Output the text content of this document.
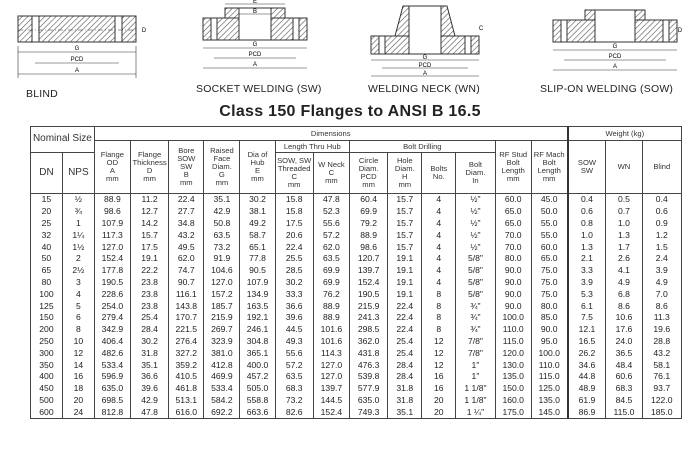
G
PCD
A
D
BLIND
E
B
G
PCD
A
SOCKET WELDING (SW)
G
PCD
A
C
WELDING NECK (WN)
G
PCD
A
D
SLIP-ON WELDING (SOW)
Class 150 Flanges to ANSI B 16.5
Nominal Size		Dimensions													Weight (kg)		

		Flange
OD
A
mm	Flange
Thickness
D
mm	Bore
SOW
SW
B
mm	Raised
Face
Diam.
G
mm	Dia of
Hub
E
mm	Length Thru Hub		Bolt Drilling				RF Stud
Bolt
Length
mm	RF Mach
Bolt
Length
mm	SOW
SW	WN	Blind

DN	NPS						SOW, SW
Threaded
C
mm	W Neck
C
mm	Circle
Diam.
PCD
mm	Hole
Diam.
H
mm	Bolts
No.	Bolt
Diam.
In					

15	½	88.9	11.2	22.4	35.1	30.2	15.8	47.8	60.4	15.7	4	½"	60.0	45.0	0.4	0.5	0.4
20	¾	98.6	12.7	27.7	42.9	38.1	15.8	52.3	69.9	15.7	4	½"	65.0	50.0	0.6	0.7	0.6
25	1	107.9	14.2	34.8	50.8	49.2	17.5	55.6	79.2	15.7	4	½"	65.0	55.0	0.8	1.0	0.9
32	1¼	117.3	15.7	43.2	63.5	58.7	20.6	57.2	88.9	15.7	4	½"	70.0	55.0	1.0	1.3	1.2
40	1½	127.0	17.5	49.5	73.2	65.1	22.4	62.0	98.6	15.7	4	½"	70.0	60.0	1.3	1.7	1.5
50	2	152.4	19.1	62.0	91.9	77.8	25.5	63.5	120.7	19.1	4	5/8"	80.0	65.0	2.1	2.6	2.4
65	2½	177.8	22.2	74.7	104.6	90.5	28.5	69.9	139.7	19.1	4	5/8"	90.0	75.0	3.3	4.1	3.9
80	3	190.5	23.8	90.7	127.0	107.9	30.2	69.9	152.4	19.1	4	5/8"	90.0	75.0	3.9	4.9	4.9
100	4	228.6	23.8	116.1	157.2	134.9	33.3	76.2	190.5	19.1	8	5/8"	90.0	75.0	5.3	6.8	7.0
125	5	254.0	23.8	143.8	185.7	163.5	36.6	88.9	215.9	22.4	8	¾"	90.0	80.0	6.1	8.6	8.6
150	6	279.4	25.4	170.7	215.9	192.1	39.6	88.9	241.3	22.4	8	¾"	100.0	85.0	7.5	10.6	11.3
200	8	342.9	28.4	221.5	269.7	246.1	44.5	101.6	298.5	22.4	8	¾"	110.0	90.0	12.1	17.6	19.6
250	10	406.4	30.2	276.4	323.9	304.8	49.3	101.6	362.0	25.4	12	7/8"	115.0	95.0	16.5	24.0	28.8
300	12	482.6	31.8	327.2	381.0	365.1	55.6	114.3	431.8	25.4	12	7/8"	120.0	100.0	26.2	36.5	43.2
350	14	533.4	35.1	359.2	412.8	400.0	57.2	127.0	476.3	28.4	12	1"	130.0	110.0	34.6	48.4	58.1
400	16	596.9	36.6	410.5	469.9	457.2	63.5	127.0	539.8	28.4	16	1"	135.0	115.0	44.8	60.6	76.1
450	18	635.0	39.6	461.8	533.4	505.0	68.3	139.7	577.9	31.8	16	1 1/8"	150.0	125.0	48.9	68.3	93.7
500	20	698.5	42.9	513.1	584.2	558.8	73.2	144.5	635.0	31.8	20	1 1/8"	160.0	135.0	61.9	84.5	122.0
600	24	812.8	47.8	616.0	692.2	663.6	82.6	152.4	749.3	35.1	20	1 ¼"	175.0	145.0	86.9	115.0	185.0
